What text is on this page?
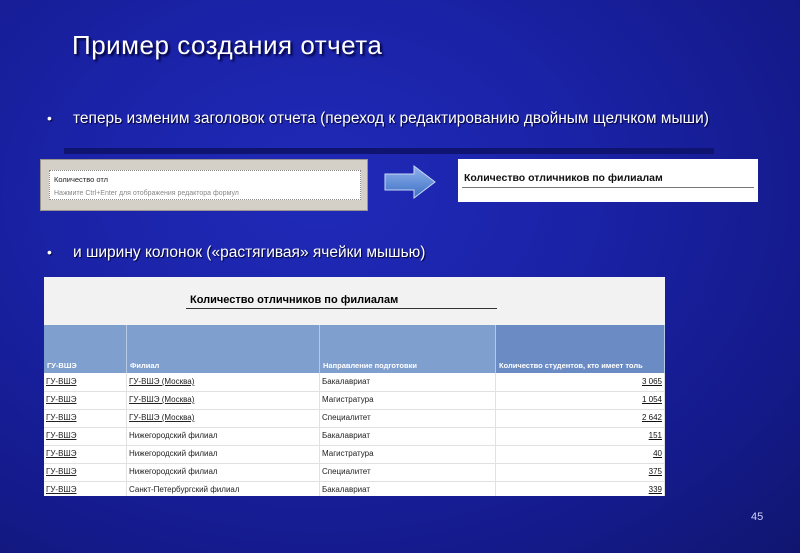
Пример создания отчета
• теперь изменим заголовок отчета (переход к редактированию двойным щелчком мыши)
Количество отл
Нажмите Ctrl+Enter для отображения редактора формул
Количество отличников по филиалам
• и ширину колонок («растягивая» ячейки мышью)
Количество отличников по филиалам
ГУ-ВШЭ	Филиал	Направление подготовки	Количество студентов, кто имеет толь
ГУ-ВШЭ	ГУ-ВШЭ (Москва)	Бакалавриат	3 065
ГУ-ВШЭ	ГУ-ВШЭ (Москва)	Магистратура	1 054
ГУ-ВШЭ	ГУ-ВШЭ (Москва)	Специалитет	2 642
ГУ-ВШЭ	Нижегородский филиал	Бакалавриат	151
ГУ-ВШЭ	Нижегородский филиал	Магистратура	40
ГУ-ВШЭ	Нижегородский филиал	Специалитет	375
ГУ-ВШЭ	Санкт-Петербургский филиал	Бакалавриат	339
45
